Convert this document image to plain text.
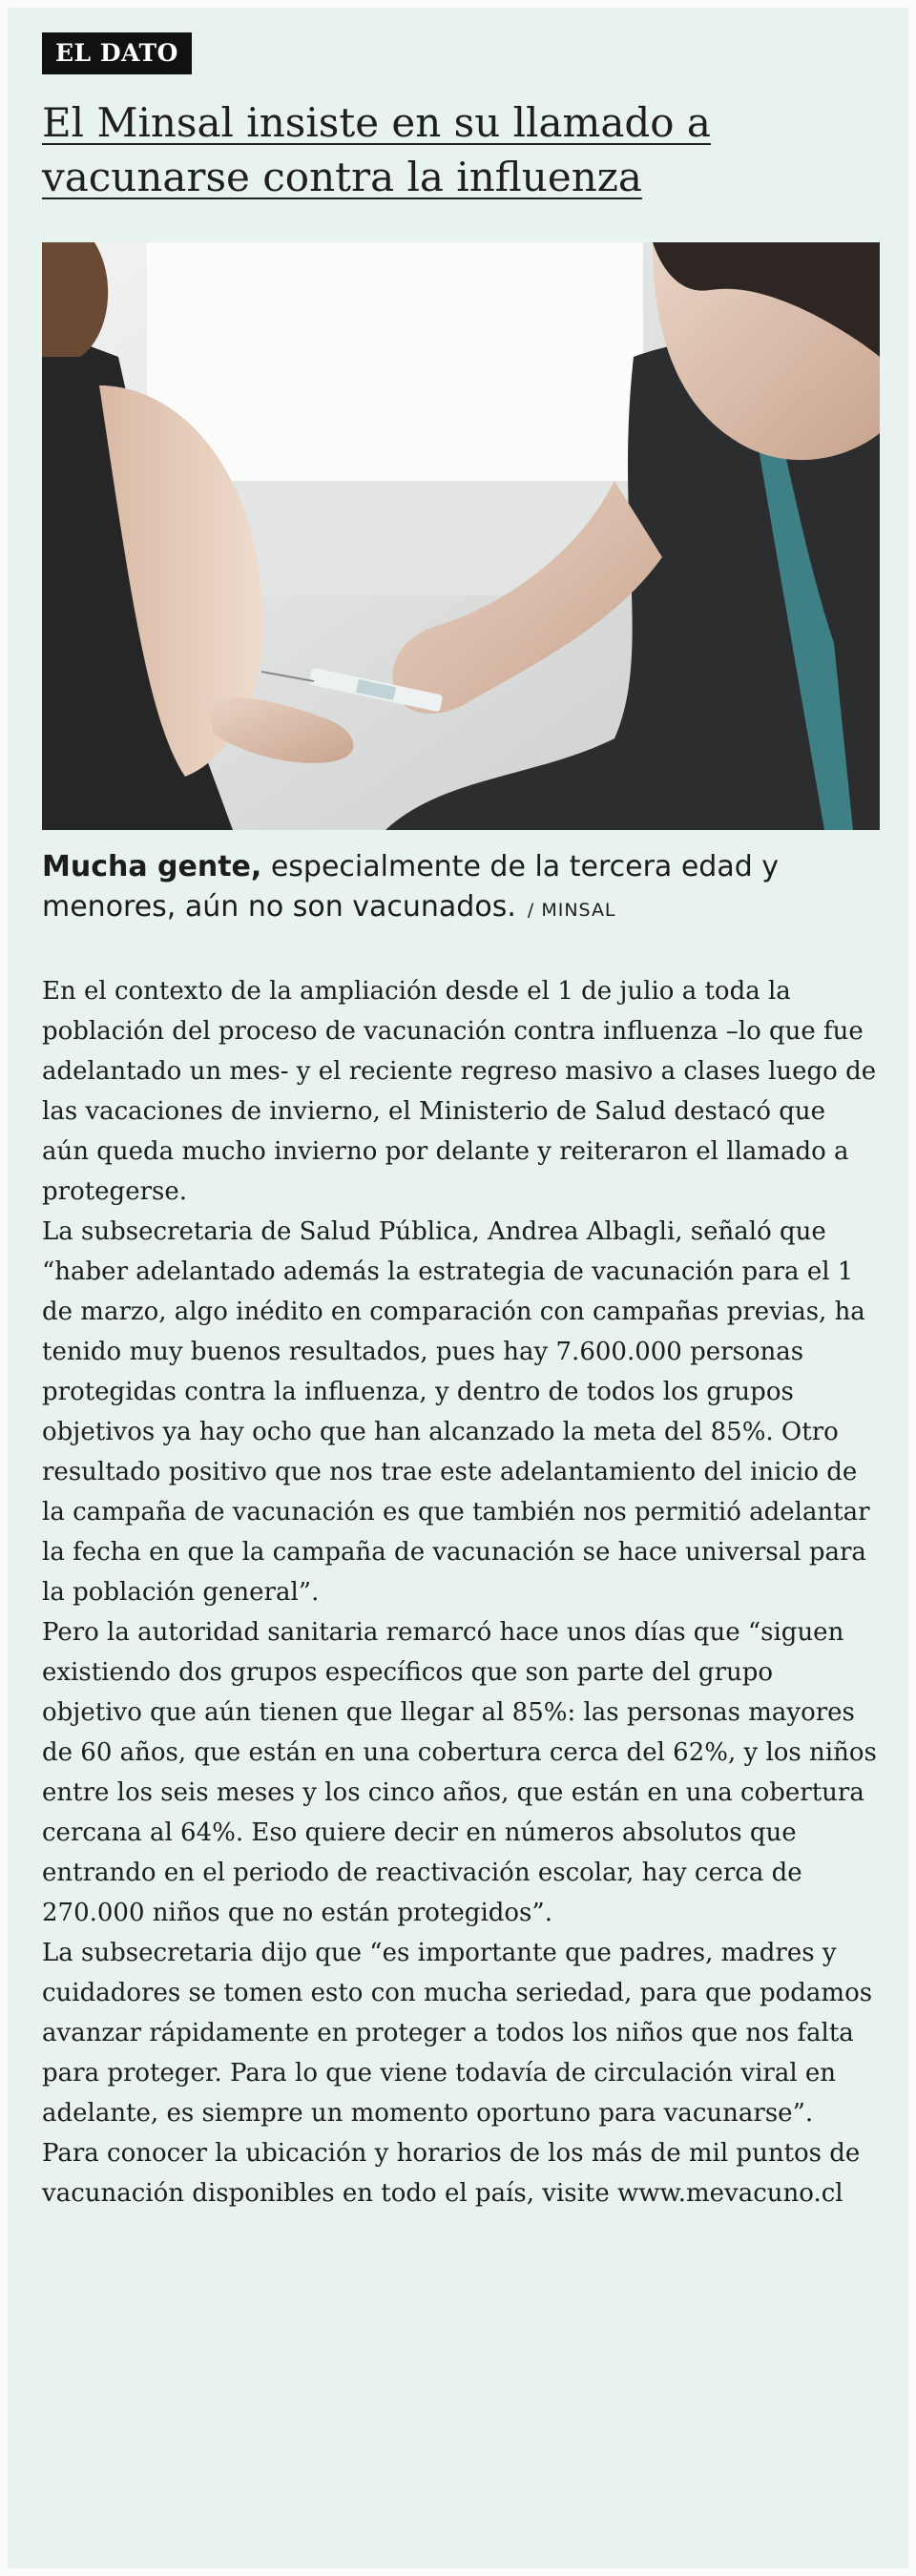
EL DATO
El Minsal insiste en su llamado a vacunarse contra la influenza
Mucha gente, especialmente de la tercera edad y menores, aún no son vacunados. / MINSAL

En el contexto de la ampliación desde el 1 de julio a toda la población del proceso de vacunación contra influenza –lo que fue adelantado un mes- y el reciente regreso masivo a clases luego de las vacaciones de invierno, el Ministerio de Salud destacó que aún queda mucho invierno por delante y reiteraron el llamado a protegerse.

La subsecretaria de Salud Pública, Andrea Albagli, señaló que “haber adelantado además la estrategia de vacunación para el 1 de marzo, algo inédito en comparación con campañas previas, ha tenido muy buenos resultados, pues hay 7.600.000 personas protegidas contra la influenza, y dentro de todos los grupos objetivos ya hay ocho que han alcanzado la meta del 85%. Otro resultado positivo que nos trae este adelantamiento del inicio de la campaña de vacunación es que también nos permitió adelantar la fecha en que la campaña de vacunación se hace universal para la población general”.

Pero la autoridad sanitaria remarcó hace unos días que “siguen existiendo dos grupos específicos que son parte del grupo objetivo que aún tienen que llegar al 85%: las personas mayores de 60 años, que están en una cobertura cerca del 62%, y los niños entre los seis meses y los cinco años, que están en una cobertura cercana al 64%. Eso quiere decir en números absolutos que entrando en el periodo de reactivación escolar, hay cerca de 270.000 niños que no están protegidos”.

La subsecretaria dijo que “es importante que padres, madres y cuidadores se tomen esto con mucha seriedad, para que podamos avanzar rápidamente en proteger a todos los niños que nos falta para proteger. Para lo que viene todavía de circulación viral en adelante, es siempre un momento oportuno para vacunarse”.

Para conocer la ubicación y horarios de los más de mil puntos de vacunación disponibles en todo el país, visite www.mevacuno.cl
